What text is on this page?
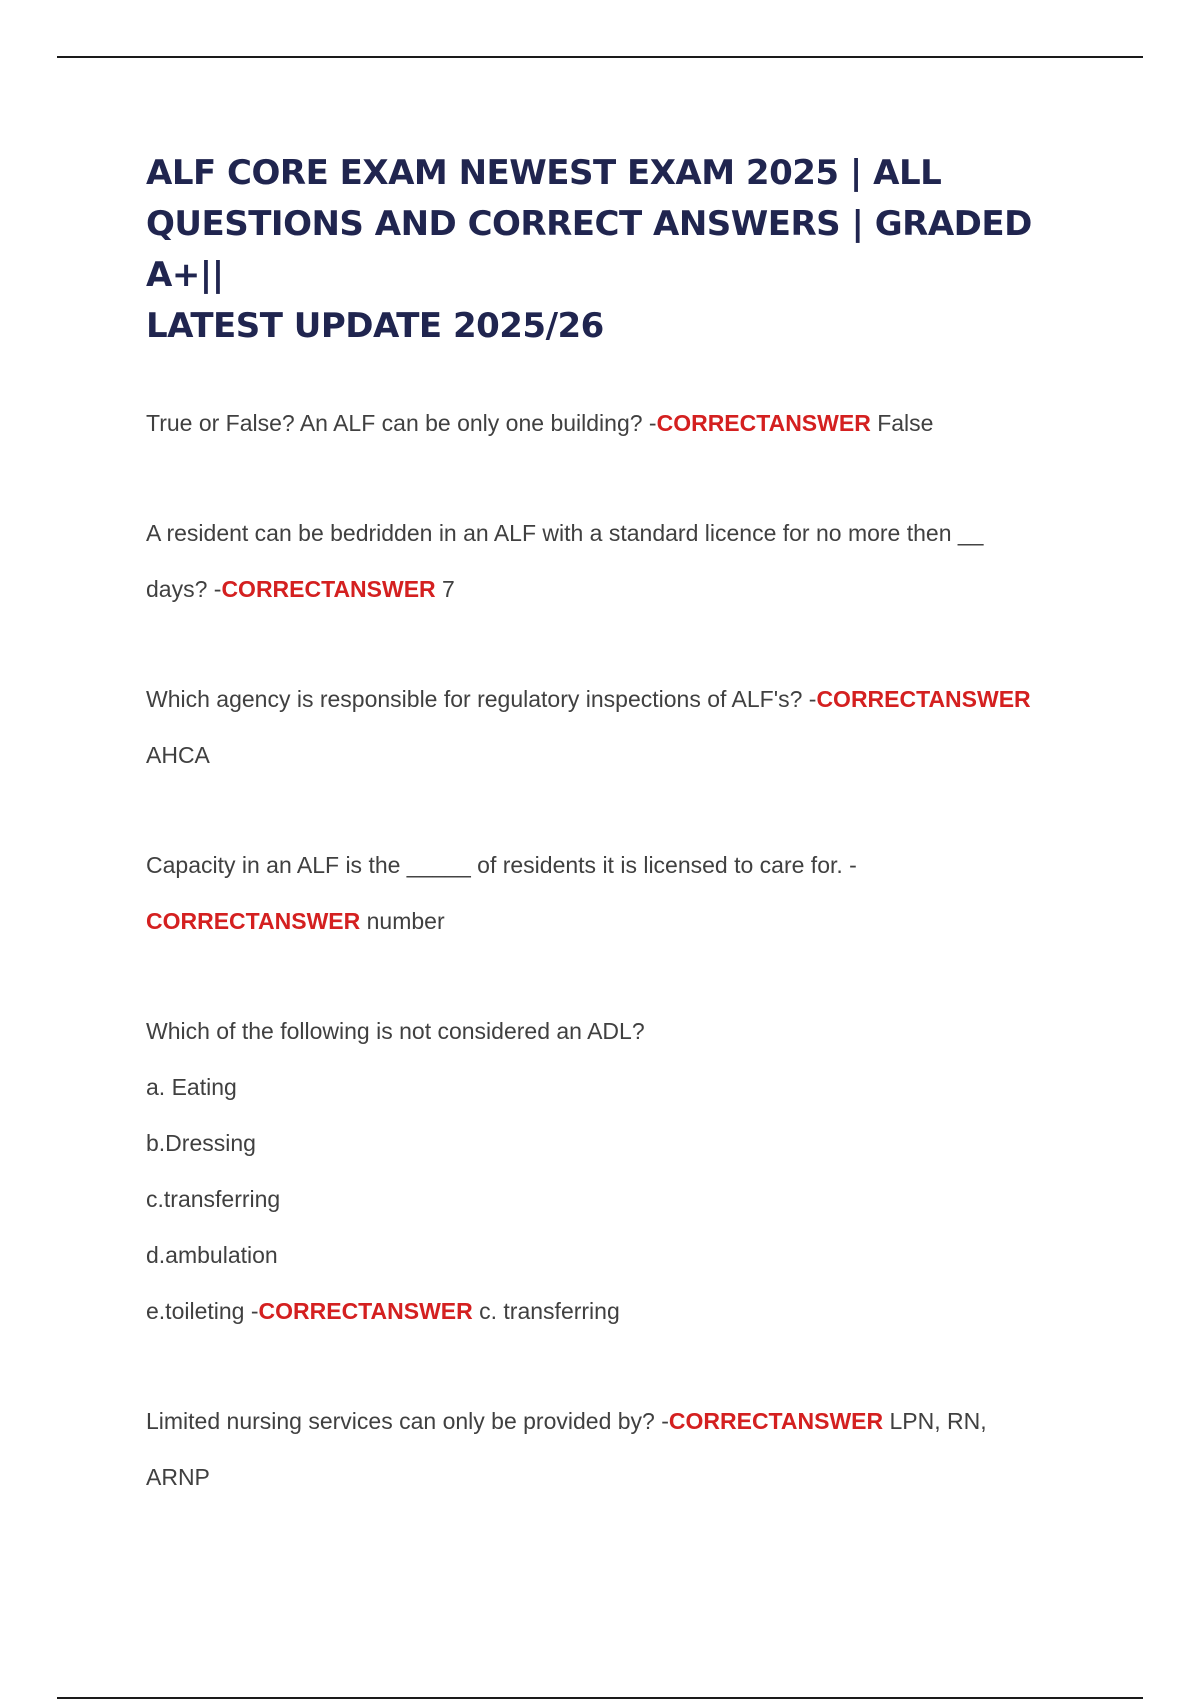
ALF CORE EXAM NEWEST EXAM 2025 | ALL
QUESTIONS AND CORRECT ANSWERS | GRADED A+||
LATEST UPDATE 2025/26
True or False? An ALF can be only one building? -CORRECTANSWER False
A resident can be bedridden in an ALF with a standard licence for no more then __
days? -CORRECTANSWER 7
Which agency is responsible for regulatory inspections of ALF's? -CORRECTANSWER
AHCA
Capacity in an ALF is the _____ of residents it is licensed to care for. -
CORRECTANSWER number
Which of the following is not considered an ADL?
a. Eating
b.Dressing
c.transferring
d.ambulation
e.toileting -CORRECTANSWER c. transferring
Limited nursing services can only be provided by? -CORRECTANSWER LPN, RN,
ARNP
